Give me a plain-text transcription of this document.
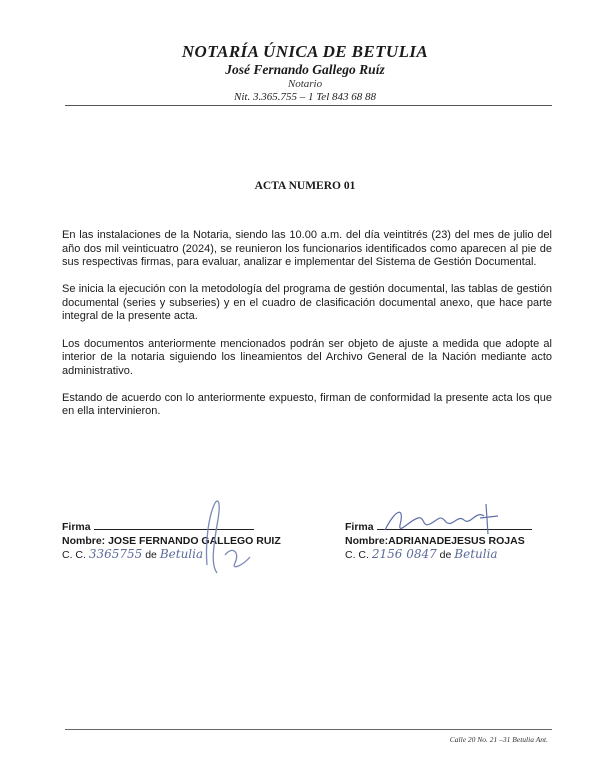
NOTARÍA ÚNICA DE BETULIA
José Fernando Gallego Ruíz
Notario
Nit. 3.365.755 – 1 Tel 843 68 88
ACTA NUMERO 01

En las instalaciones de la Notaria, siendo las 10.00 a.m. del día veintitrés (23) del mes de julio del año dos mil veinticuatro (2024), se reunieron los funcionarios identificados como aparecen al pie de sus respectivas firmas, para evaluar, analizar e implementar del Sistema de Gestión Documental.

Se inicia la ejecución con la metodología del programa de gestión documental, las tablas de gestión documental (series y subseries) y en el cuadro de clasificación documental anexo, que hace parte integral de la presente acta.

Los documentos anteriormente mencionados podrán ser objeto de ajuste a medida que adopte al interior de la notaria siguiendo los lineamientos del Archivo General de la Nación mediante acto administrativo.

Estando de acuerdo con lo anteriormente expuesto, firman de conformidad la presente acta los que en ella intervinieron.

Firma
Nombre: JOSE FERNANDO GALLEGO RUIZ
C. C. 3365755 de Betulia
Firma
Nombre:ADRIANADEJESUS ROJAS
C. C. 2156 0847 de Betulia
Calle 20 No. 21 –31 Betulia Ant.
